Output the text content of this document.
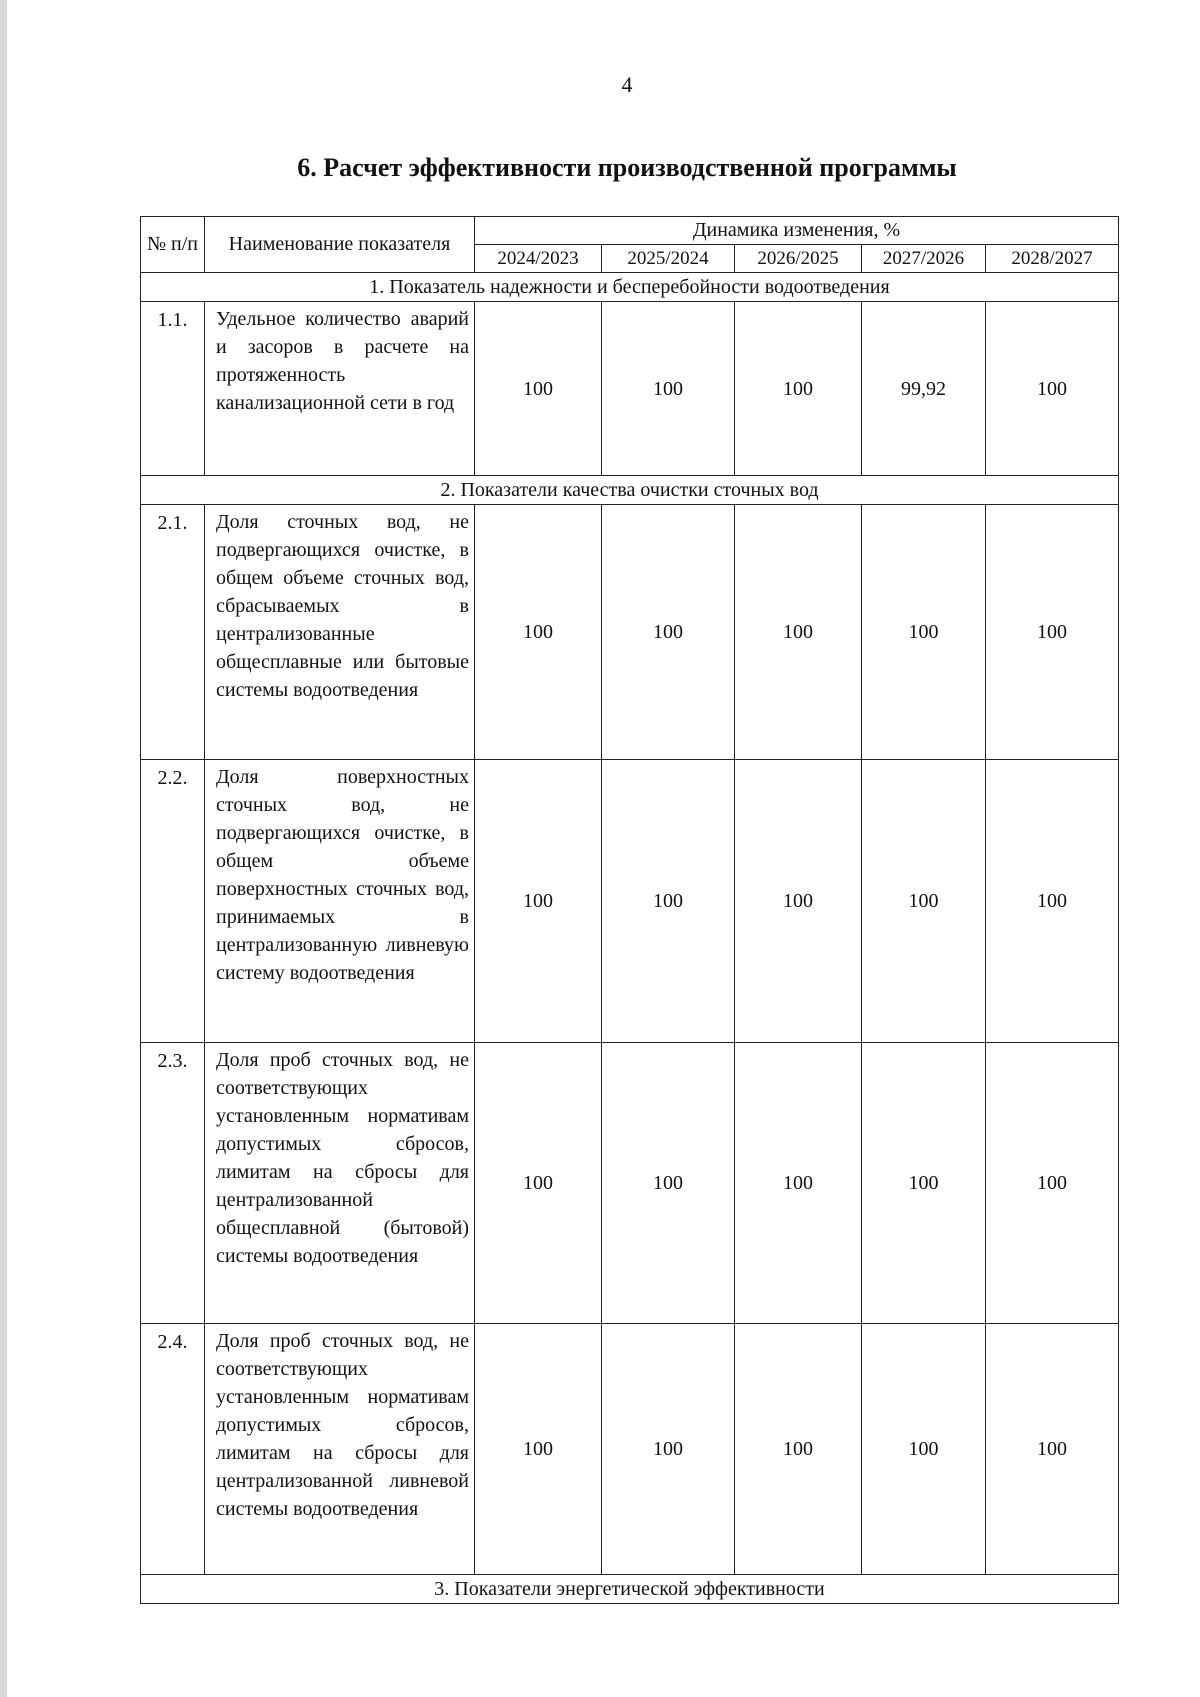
4
6. Расчет эффективности производственной программы
№ п/п	Наименование показателя	Динамика изменения, %				
		2024/2023	2025/2024	2026/2025	2027/2026	2028/2027
1. Показатель надежности и бесперебойности водоотведения						
1.1.	Удельное количество аварий и засоров в расчете на протяженность канализационной сети в год	100	100	100	99,92	100
2. Показатели качества очистки сточных вод						
2.1.	Доля сточных вод, не подвергающихся очистке, в общем объеме сточных вод, сбрасываемых в централизованные общесплавные или бытовые системы водоотведения	100	100	100	100	100
2.2.	Доля поверхностных сточных вод, не подвергающихся очистке, в общем объеме поверхностных сточных вод, принимаемых в централизованную ливневую систему водоотведения	100	100	100	100	100
2.3.	Доля проб сточных вод, не соответствующих установленным нормативам допустимых сбросов, лимитам на сбросы для централизованной общесплавной (бытовой) системы водоотведения	100	100	100	100	100
2.4.	Доля проб сточных вод, не соответствующих установленным нормативам допустимых сбросов, лимитам на сбросы для централизованной ливневой системы водоотведения	100	100	100	100	100
3. Показатели энергетической эффективности						
